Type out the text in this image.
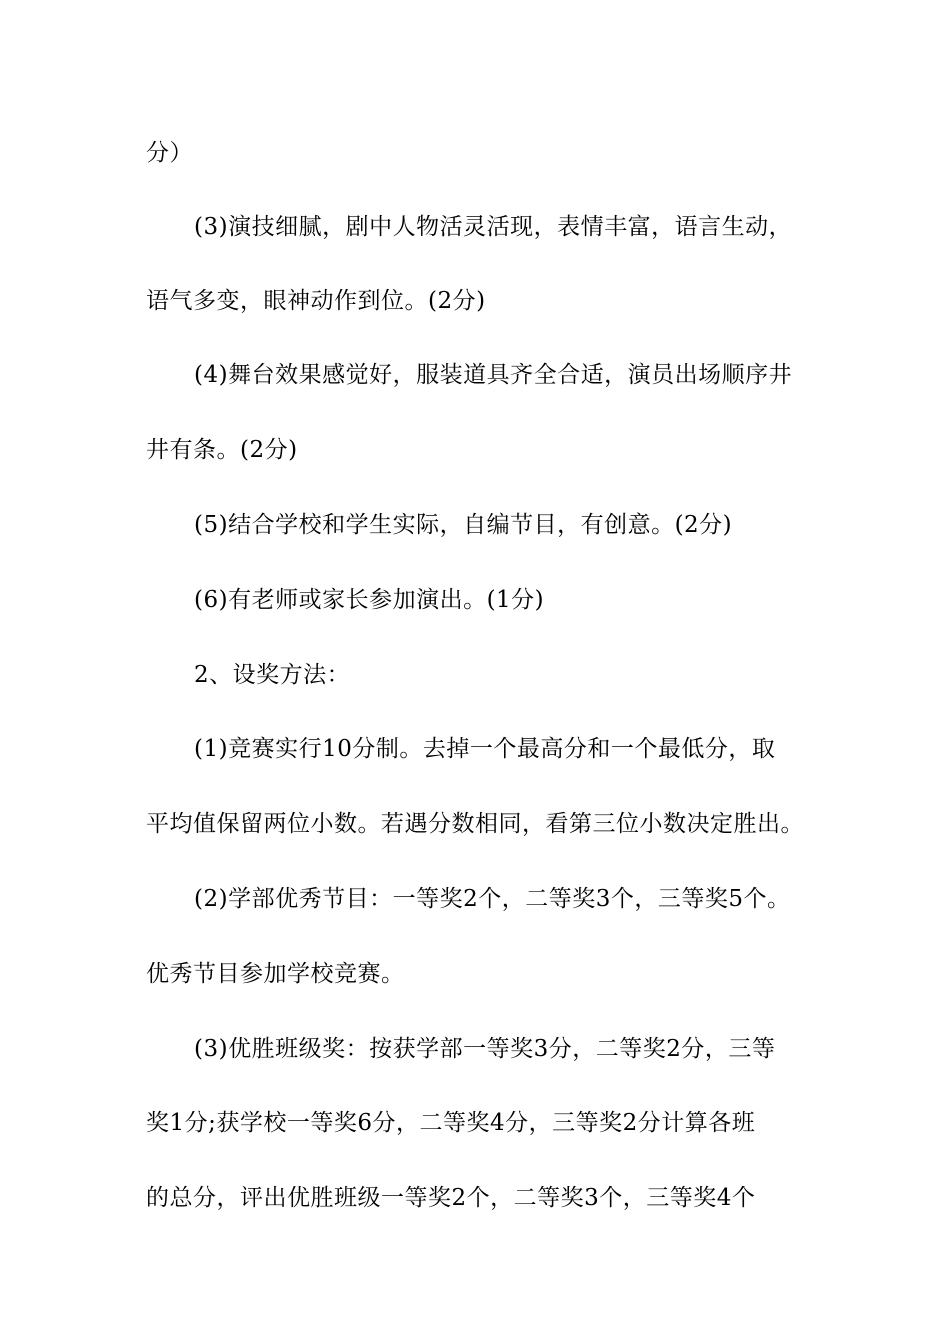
分）
(3)演技细腻，剧中人物活灵活现，表情丰富，语言生动，
语气多变，眼神动作到位。(2分)
(4)舞台效果感觉好，服装道具齐全合适，演员出场顺序井
井有条。(2分)
(5)结合学校和学生实际，自编节目，有创意。(2分)
(6)有老师或家长参加演出。(1分)
2、设奖方法：
(1)竞赛实行10分制。去掉一个最高分和一个最低分，取
平均值保留两位小数。若遇分数相同，看第三位小数决定胜出。
(2)学部优秀节目：一等奖2个，二等奖3个，三等奖5个。
优秀节目参加学校竞赛。
(3)优胜班级奖：按获学部一等奖3分，二等奖2分，三等
奖1分;获学校一等奖6分，二等奖4分，三等奖2分计算各班
的总分，评出优胜班级一等奖2个，二等奖3个，三等奖4个
